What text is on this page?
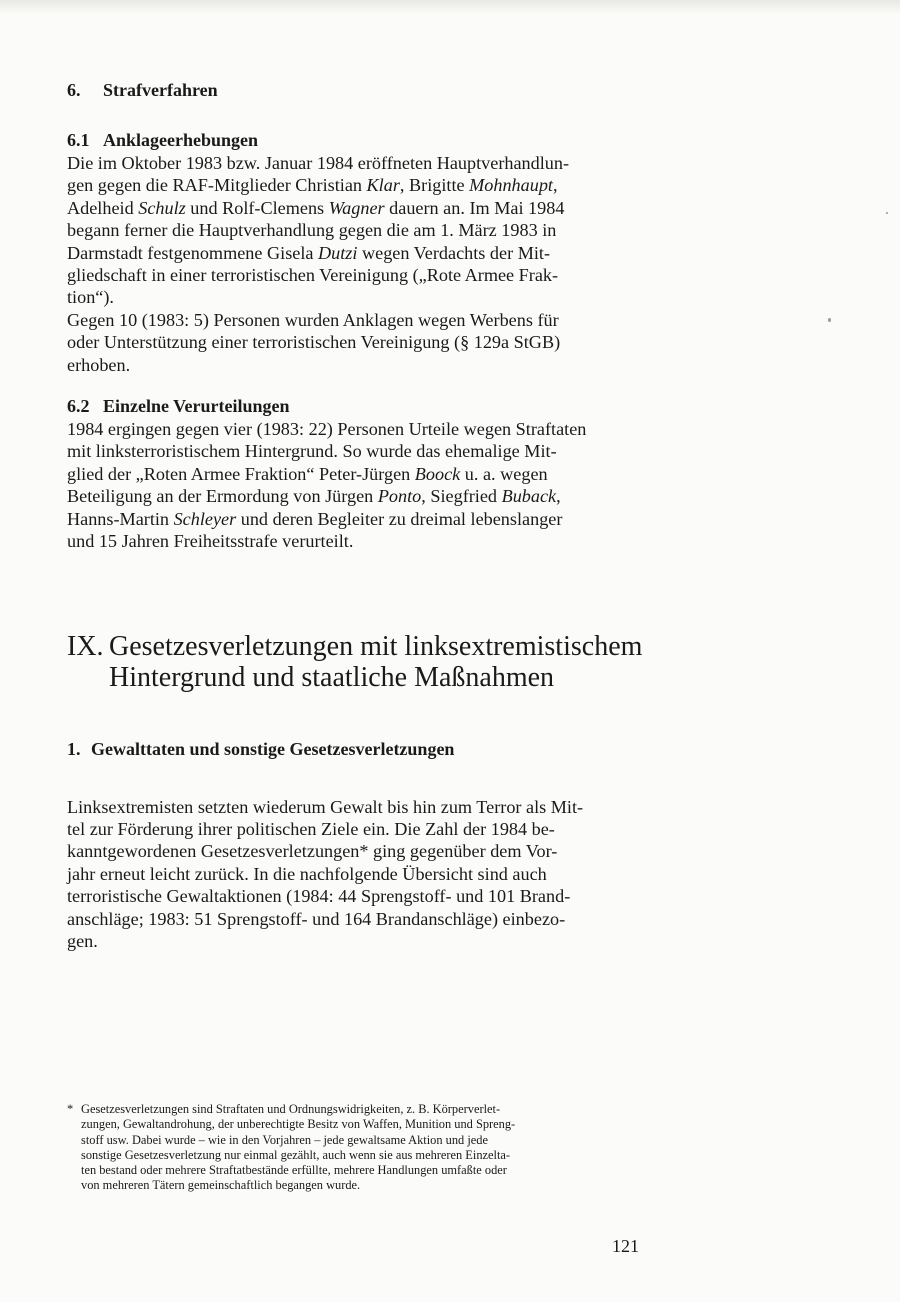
6. Strafverfahren
6.1 Anklageerhebungen

Die im Oktober 1983 bzw. Januar 1984 eröffneten Hauptverhandlun-
gen gegen die RAF-Mitglieder Christian Klar, Brigitte Mohnhaupt,
Adelheid Schulz und Rolf-Clemens Wagner dauern an. Im Mai 1984
begann ferner die Hauptverhandlung gegen die am 1. März 1983 in
Darmstadt festgenommene Gisela Dutzi wegen Verdachts der Mit-
gliedschaft in einer terroristischen Vereinigung („Rote Armee Frak-
tion“).

Gegen 10 (1983: 5) Personen wurden Anklagen wegen Werbens für
oder Unterstützung einer terroristischen Vereinigung (§ 129a StGB)
erhoben.

6.2 Einzelne Verurteilungen

1984 ergingen gegen vier (1983: 22) Personen Urteile wegen Straftaten
mit linksterroristischem Hintergrund. So wurde das ehemalige Mit-
glied der „Roten Armee Fraktion“ Peter-Jürgen Boock u. a. wegen
Beteiligung an der Ermordung von Jürgen Ponto, Siegfried Buback,
Hanns-Martin Schleyer und deren Begleiter zu dreimal lebenslanger
und 15 Jahren Freiheitsstrafe verurteilt.

IX. Gesetzesverletzungen mit linksextremistischem
Hintergrund und staatliche Maßnahmen
1. Gewalttaten und sonstige Gesetzesverletzungen

Linksextremisten setzten wiederum Gewalt bis hin zum Terror als Mit-
tel zur Förderung ihrer politischen Ziele ein. Die Zahl der 1984 be-
kanntgewordenen Gesetzesverletzungen* ging gegenüber dem Vor-
jahr erneut leicht zurück. In die nachfolgende Übersicht sind auch
terroristische Gewaltaktionen (1984: 44 Sprengstoff- und 101 Brand-
anschläge; 1983: 51 Sprengstoff- und 164 Brandanschläge) einbezo-
gen.

* Gesetzesverletzungen sind Straftaten und Ordnungswidrigkeiten, z. B. Körperverlet-
zungen, Gewaltandrohung, der unberechtigte Besitz von Waffen, Munition und Spreng-
stoff usw. Dabei wurde – wie in den Vorjahren – jede gewaltsame Aktion und jede
sonstige Gesetzesverletzung nur einmal gezählt, auch wenn sie aus mehreren Einzelta-
ten bestand oder mehrere Straftatbestände erfüllte, mehrere Handlungen umfaßte oder
von mehreren Tätern gemeinschaftlich begangen wurde.
121
